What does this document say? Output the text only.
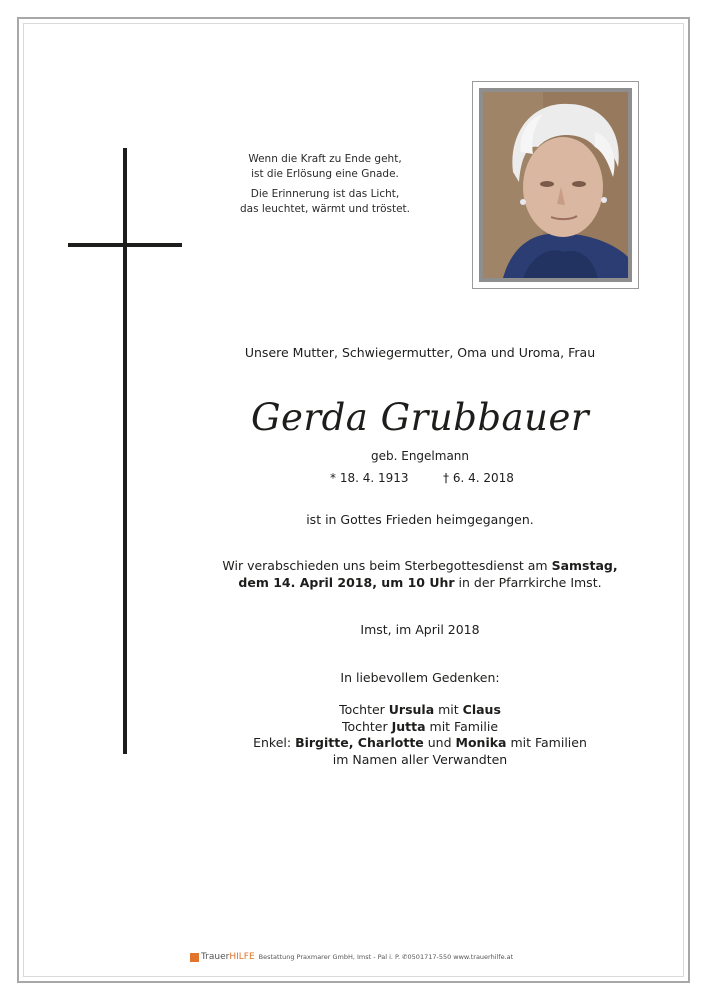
Wenn die Kraft zu Ende geht,
ist die Erlösung eine Gnade.

Die Erinnerung ist das Licht,
das leuchtet, wärmt und tröstet.

Unsere Mutter, Schwiegermutter, Oma und Uroma, Frau
Gerda Grubbauer
geb. Engelmann
* 18. 4. 1913	† 6. 4. 2018
ist in Gottes Frieden heimgegangen.
Wir verabschieden uns beim Sterbegottesdienst am Samstag,
dem 14. April 2018, um 10 Uhr in der Pfarrkirche Imst.
Imst, im April 2018
In liebevollem Gedenken:
Tochter Ursula mit Claus
Tochter Jutta mit Familie
Enkel: Birgitte, Charlotte und Monika mit Familien
im Namen aller Verwandten
TrauerHILFE Bestattung Praxmarer GmbH, Imst - Pal i. P. ✆0501717-550 www.trauerhilfe.at
